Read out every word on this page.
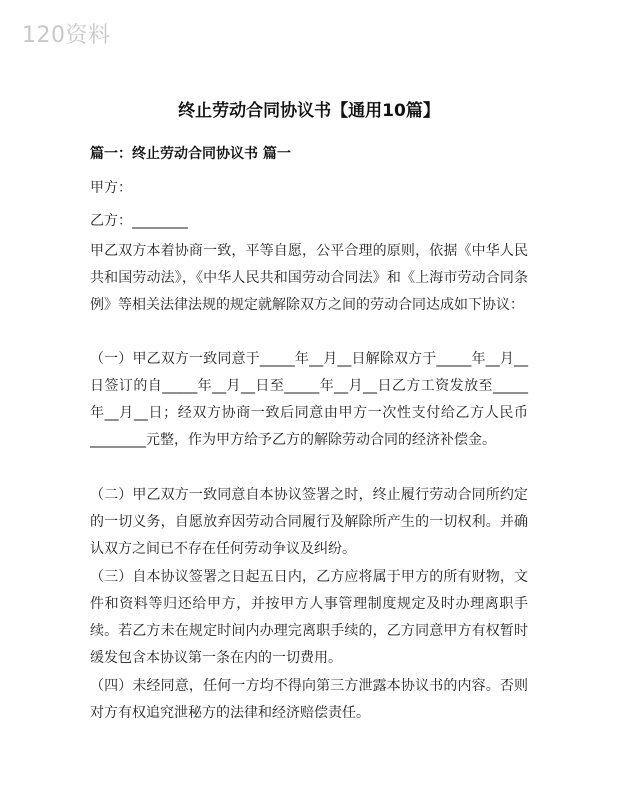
120资料
终止劳动合同协议书【通用10篇】
篇一：终止劳动合同协议书 篇一
甲方：
乙方：________

甲乙双方本着协商一致，平等自愿，公平合理的原则，依据《中华人民共和国劳动法》，《中华人民共和国劳动合同法》和《上海市劳动合同条例》等相关法律法规的规定就解除双方之间的劳动合同达成如下协议：

（一）甲乙双方一致同意于_____年__月__日解除双方于_____年__月__日签订的自_____年__月__日至_____年__月__日乙方工资发放至_____年__月__日；经双方协商一致后同意由甲方一次性支付给乙方人民币________元整，作为甲方给予乙方的解除劳动合同的经济补偿金。

（二）甲乙双方一致同意自本协议签署之时，终止履行劳动合同所约定的一切义务，自愿放弃因劳动合同履行及解除所产生的一切权利。并确认双方之间已不存在任何劳动争议及纠纷。

（三）自本协议签署之日起五日内，乙方应将属于甲方的所有财物，文件和资料等归还给甲方，并按甲方人事管理制度规定及时办理离职手续。若乙方未在规定时间内办理完离职手续的，乙方同意甲方有权暂时缓发包含本协议第一条在内的一切费用。

（四）未经同意，任何一方均不得向第三方泄露本协议书的内容。否则对方有权追究泄秘方的法律和经济赔偿责任。
